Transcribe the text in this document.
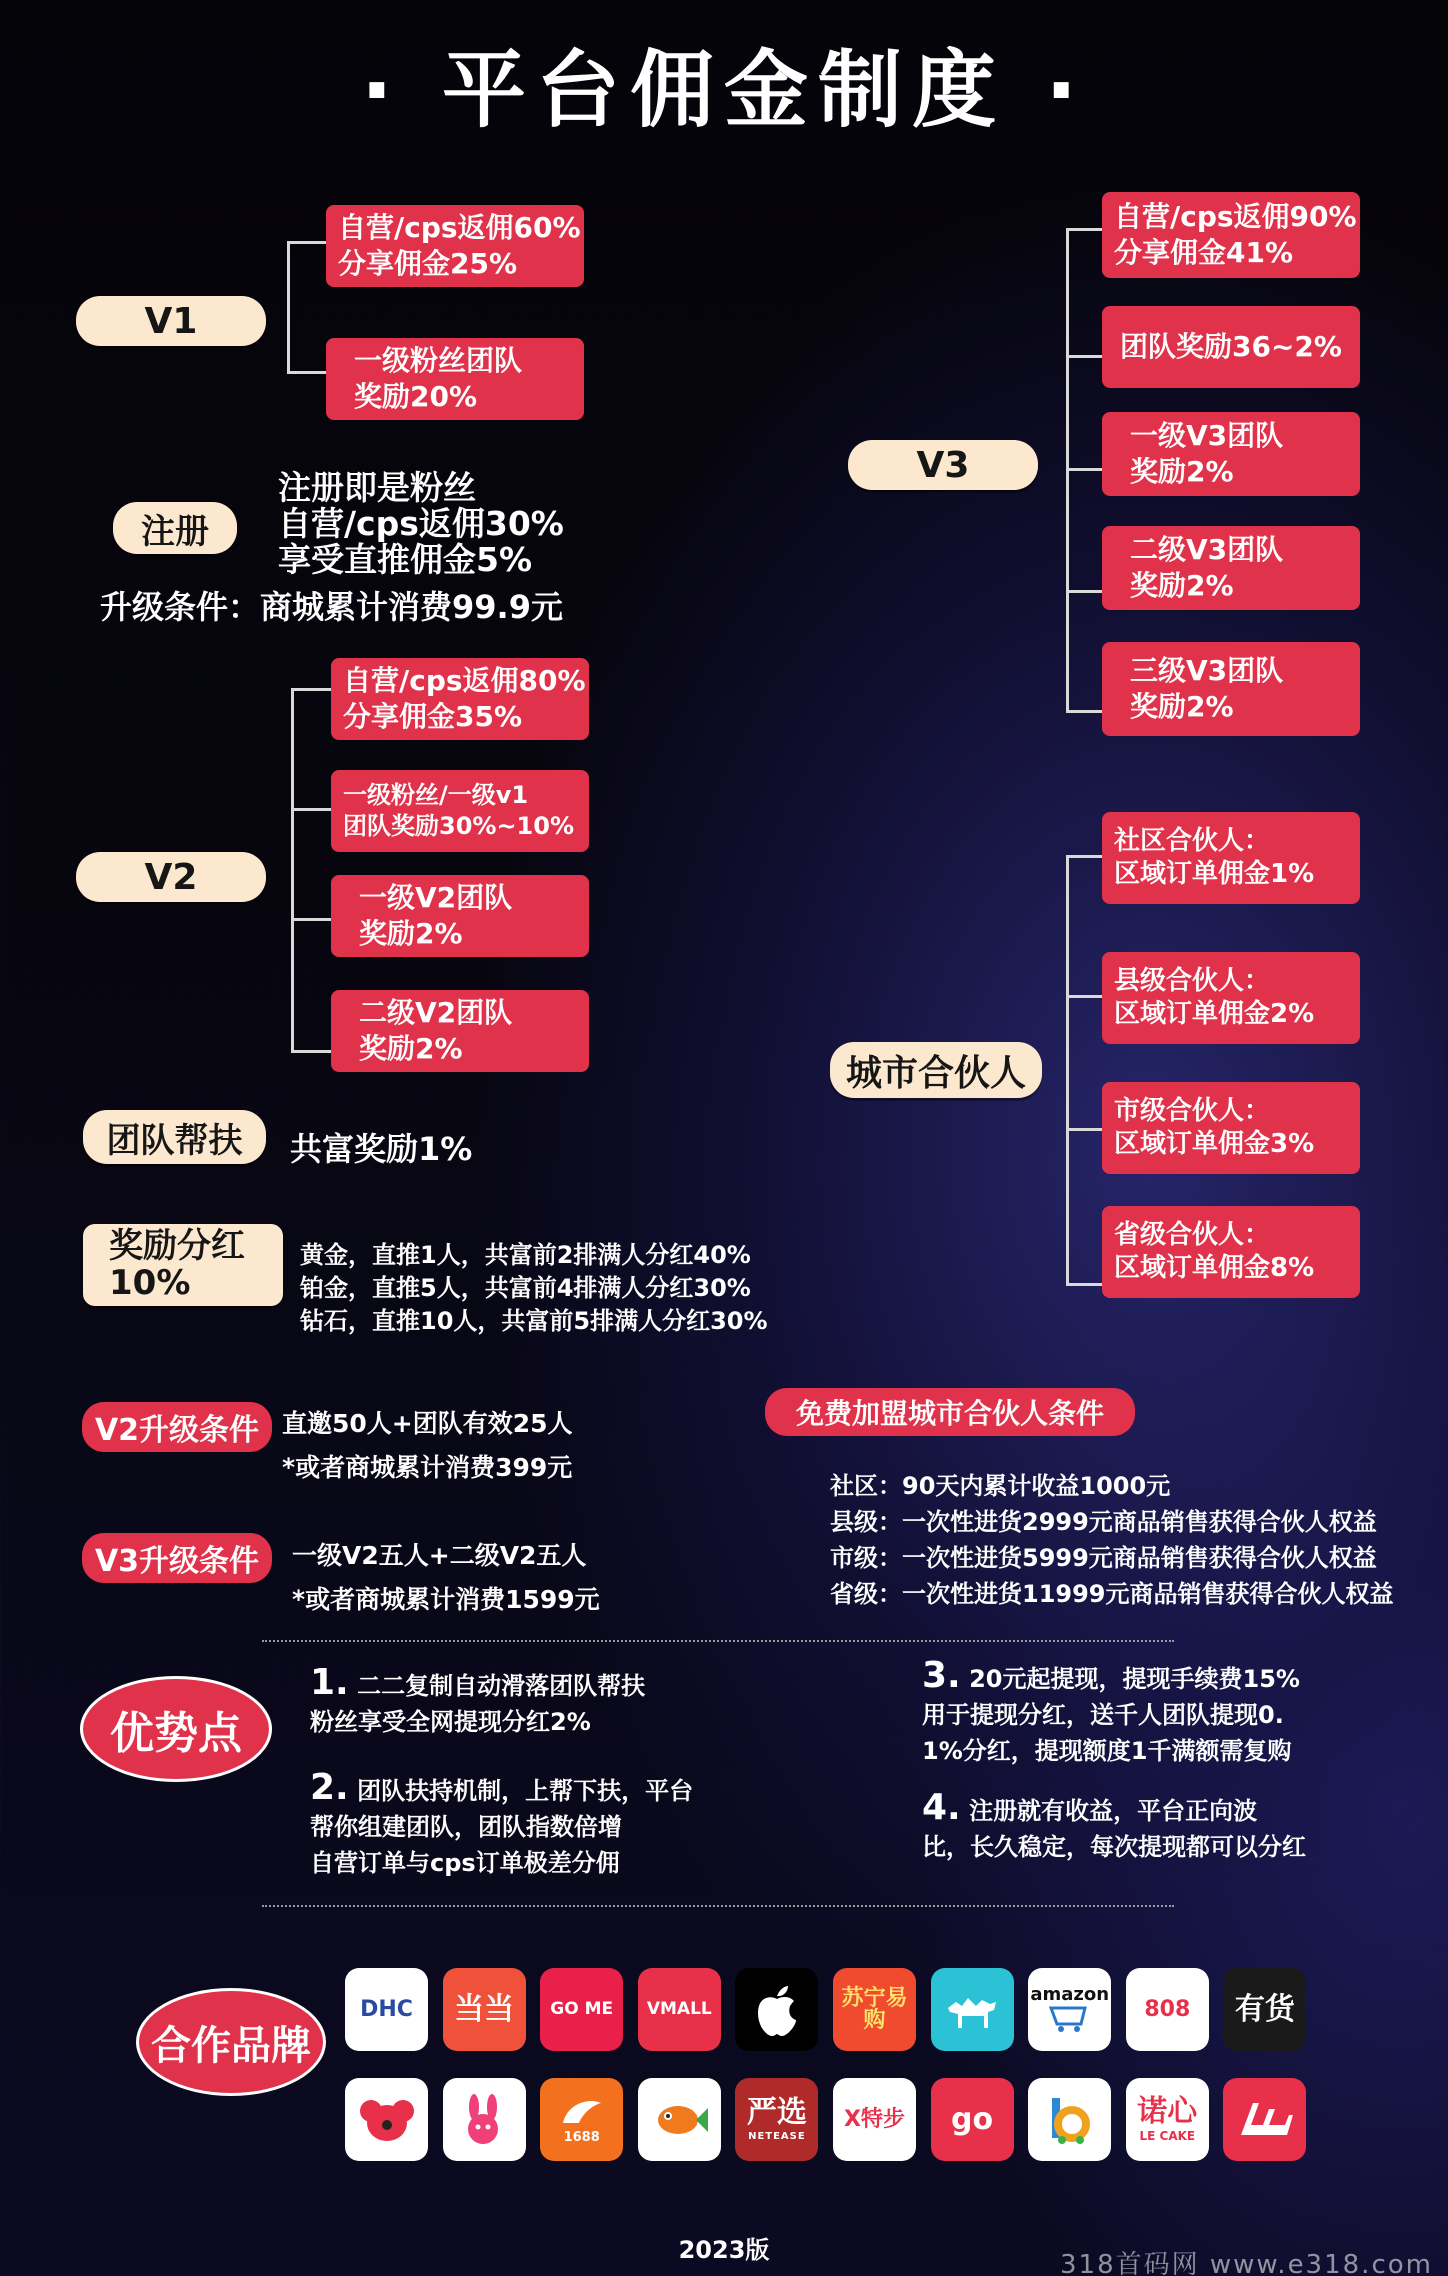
· 平台佣金制度 ·
V1
自营/cps返佣60%
分享佣金25%
一级粉丝团队
奖励20%
注册
注册即是粉丝
自营/cps返佣30%
享受直推佣金5%
升级条件：商城累计消费99.9元
V2
自营/cps返佣80%
分享佣金35%
一级粉丝/一级v1
团队奖励30%~10%
一级V2团队
奖励2%
二级V2团队
奖励2%
团队帮扶	共富奖励1%
奖励分红
10%
黄金，直推1人，共富前2排满人分红40%
铂金，直推5人，共富前4排满人分红30%
钻石，直推10人，共富前5排满人分红30%
V2升级条件 直邀50人+团队有效25人
*或者商城累计消费399元
V3升级条件	一级V2五人+二级V2五人
*或者商城累计消费1599元
V3
自营/cps返佣90%
分享佣金41%
团队奖励36~2%
一级V3团队
奖励2%
二级V3团队
奖励2%
三级V3团队
奖励2%
城市合伙人
社区合伙人：
区域订单佣金1%
县级合伙人：
区域订单佣金2%
市级合伙人：
区域订单佣金3%
省级合伙人：
区域订单佣金8%
免费加盟城市合伙人条件
社区：90天内累计收益1000元
县级：一次性进货2999元商品销售获得合伙人权益
市级：一次性进货5999元商品销售获得合伙人权益
省级：一次性进货11999元商品销售获得合伙人权益
优势点
1. 二二复制自动滑落团队帮扶
粉丝享受全网提现分红2%
2. 团队扶持机制，上帮下扶，平台
帮你组建团队，团队指数倍增
自营订单与cps订单极差分佣
3. 20元起提现，提现手续费15%
用于提现分红，送千人团队提现0.
1%分红，提现额度1千满额需复购
4. 注册就有收益，平台正向波
比，长久稳定，每次提现都可以分红
合作品牌
DHC	当当	GO ME	VMALL	苏宁易购
amazon
808	有货
1688
严选
NETEASE
X特步	go	诺心
LE CAKE
2023版	318首码网 www.e318.com
